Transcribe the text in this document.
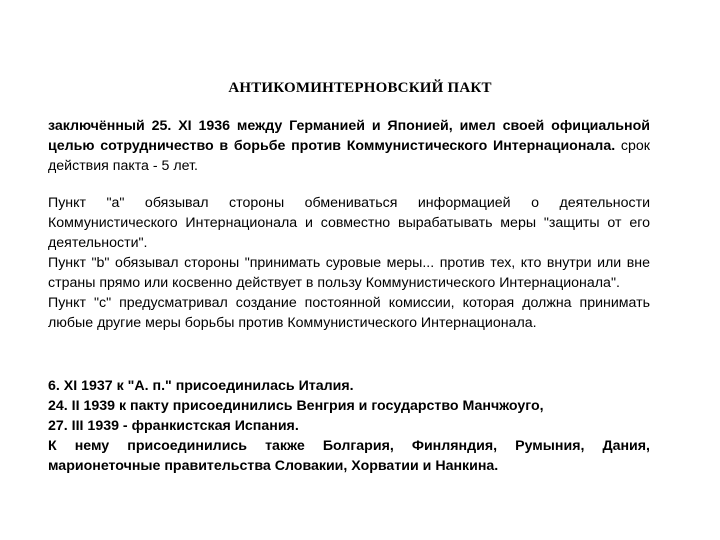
АНТИКОМИНТЕРНОВСКИЙ ПАКТ

заключённый 25. XI 1936 между Германией и Японией, имел своей официальной целью сотрудничество в борьбе против Коммунистического Интернационала. срок действия пакта - 5 лет.

Пункт "а" обязывал стороны обмениваться информацией о деятельности Коммунистического Интернационала и совместно вырабатывать меры "защиты от его деятельности".

Пункт "b" обязывал стороны "принимать суровые меры... против тех, кто внутри или вне страны прямо или косвенно действует в пользу Коммунистического Интернационала".

Пункт "с" предусматривал создание постоянной комиссии, которая должна принимать любые другие меры борьбы против Коммунистического Интернационала.

6. XI 1937 к "А. п." присоединилась Италия.

24. II 1939 к пакту присоединились Венгрия и государство Манчжоуго,

27. III 1939 - франкистская Испания.

К нему присоединились также Болгария, Финляндия, Румыния, Дания, марионеточные правительства Словакии, Хорватии и Нанкина.
